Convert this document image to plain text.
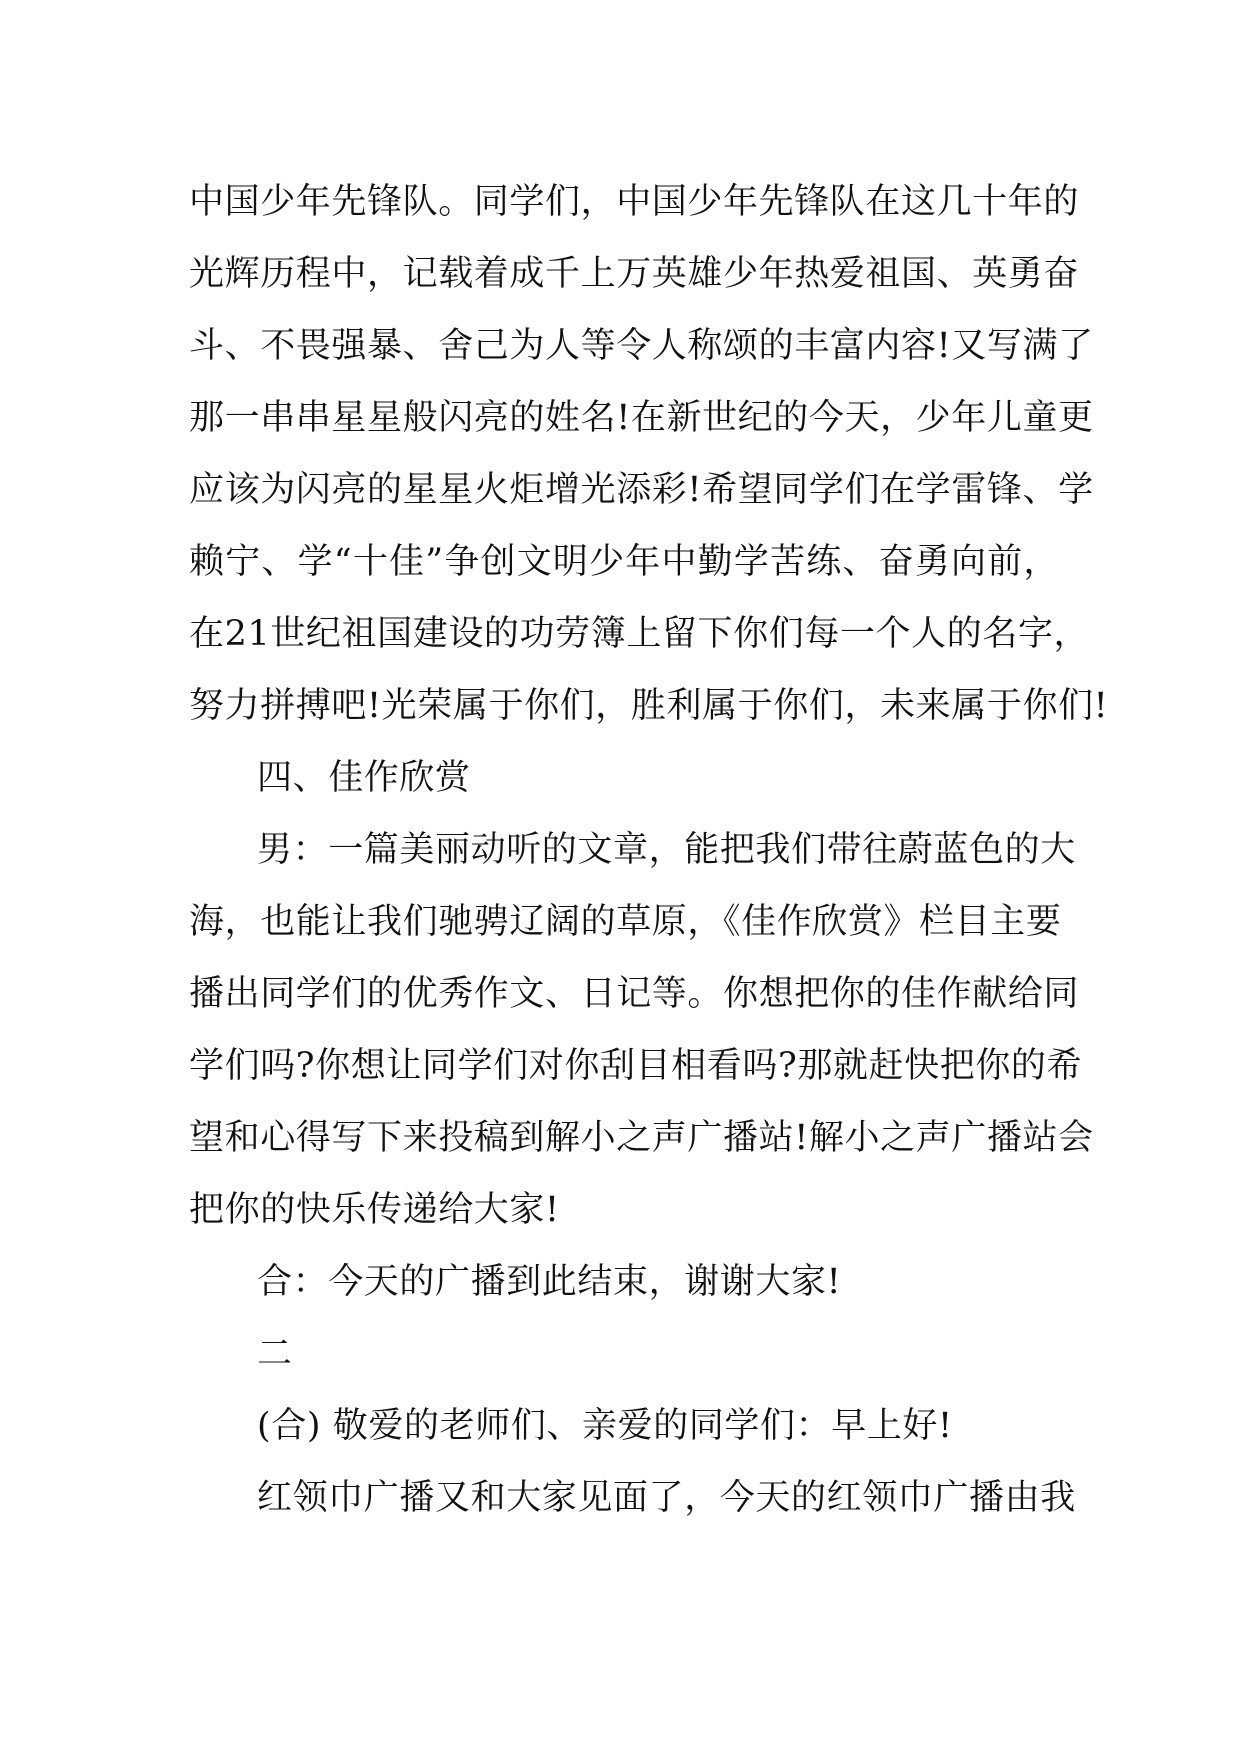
中国少年先锋队。同学们，中国少年先锋队在这几十年的

光辉历程中，记载着成千上万英雄少年热爱祖国、英勇奋

斗、不畏强暴、舍己为人等令人称颂的丰富内容!又写满了

那一串串星星般闪亮的姓名!在新世纪的今天，少年儿童更

应该为闪亮的星星火炬增光添彩!希望同学们在学雷锋、学

赖宁、学“十佳”争创文明少年中勤学苦练、奋勇向前，

在21世纪祖国建设的功劳簿上留下你们每一个人的名字，

努力拼搏吧!光荣属于你们，胜利属于你们，未来属于你们!

四、佳作欣赏

男：一篇美丽动听的文章，能把我们带往蔚蓝色的大

海，也能让我们驰骋辽阔的草原，《佳作欣赏》栏目主要

播出同学们的优秀作文、日记等。你想把你的佳作献给同

学们吗?你想让同学们对你刮目相看吗?那就赶快把你的希

望和心得写下来投稿到解小之声广播站!解小之声广播站会

把你的快乐传递给大家!

合：今天的广播到此结束，谢谢大家!

二

(合) 敬爱的老师们、亲爱的同学们：早上好!

红领巾广播又和大家见面了，今天的红领巾广播由我
